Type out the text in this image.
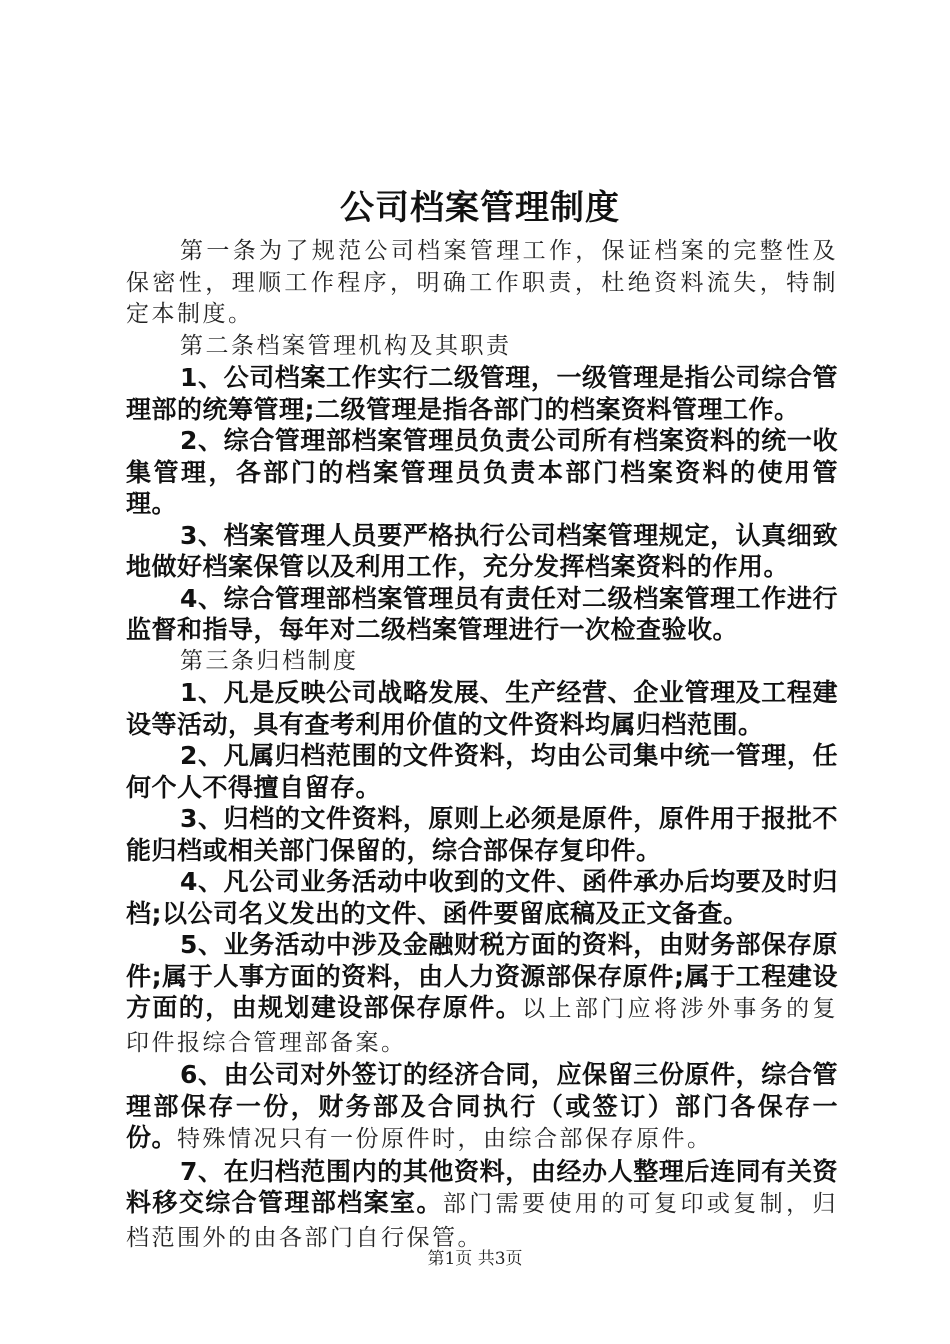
公司档案管理制度

第一条为了规范公司档案管理工作，保证档案的完整性及保密性，理顺工作程序，明确工作职责，杜绝资料流失，特制定本制度。

第二条档案管理机构及其职责

1、公司档案工作实行二级管理，一级管理是指公司综合管理部的统筹管理;二级管理是指各部门的档案资料管理工作。

2、综合管理部档案管理员负责公司所有档案资料的统一收集管理，各部门的档案管理员负责本部门档案资料的使用管理。

3、档案管理人员要严格执行公司档案管理规定，认真细致地做好档案保管以及利用工作，充分发挥档案资料的作用。

4、综合管理部档案管理员有责任对二级档案管理工作进行监督和指导，每年对二级档案管理进行一次检查验收。

第三条归档制度

1、凡是反映公司战略发展、生产经营、企业管理及工程建设等活动，具有查考利用价值的文件资料均属归档范围。

2、凡属归档范围的文件资料，均由公司集中统一管理，任何个人不得擅自留存。

3、归档的文件资料，原则上必须是原件，原件用于报批不能归档或相关部门保留的，综合部保存复印件。

4、凡公司业务活动中收到的文件、函件承办后均要及时归档;以公司名义发出的文件、函件要留底稿及正文备查。

5、业务活动中涉及金融财税方面的资料，由财务部保存原件;属于人事方面的资料，由人力资源部保存原件;属于工程建设方面的，由规划建设部保存原件。以上部门应将涉外事务的复印件报综合管理部备案。

6、由公司对外签订的经济合同，应保留三份原件，综合管理部保存一份，财务部及合同执行（或签订）部门各保存一份。特殊情况只有一份原件时，由综合部保存原件。

7、在归档范围内的其他资料，由经办人整理后连同有关资料移交综合管理部档案室。部门需要使用的可复印或复制，归档范围外的由各部门自行保管。

第1页 共3页
